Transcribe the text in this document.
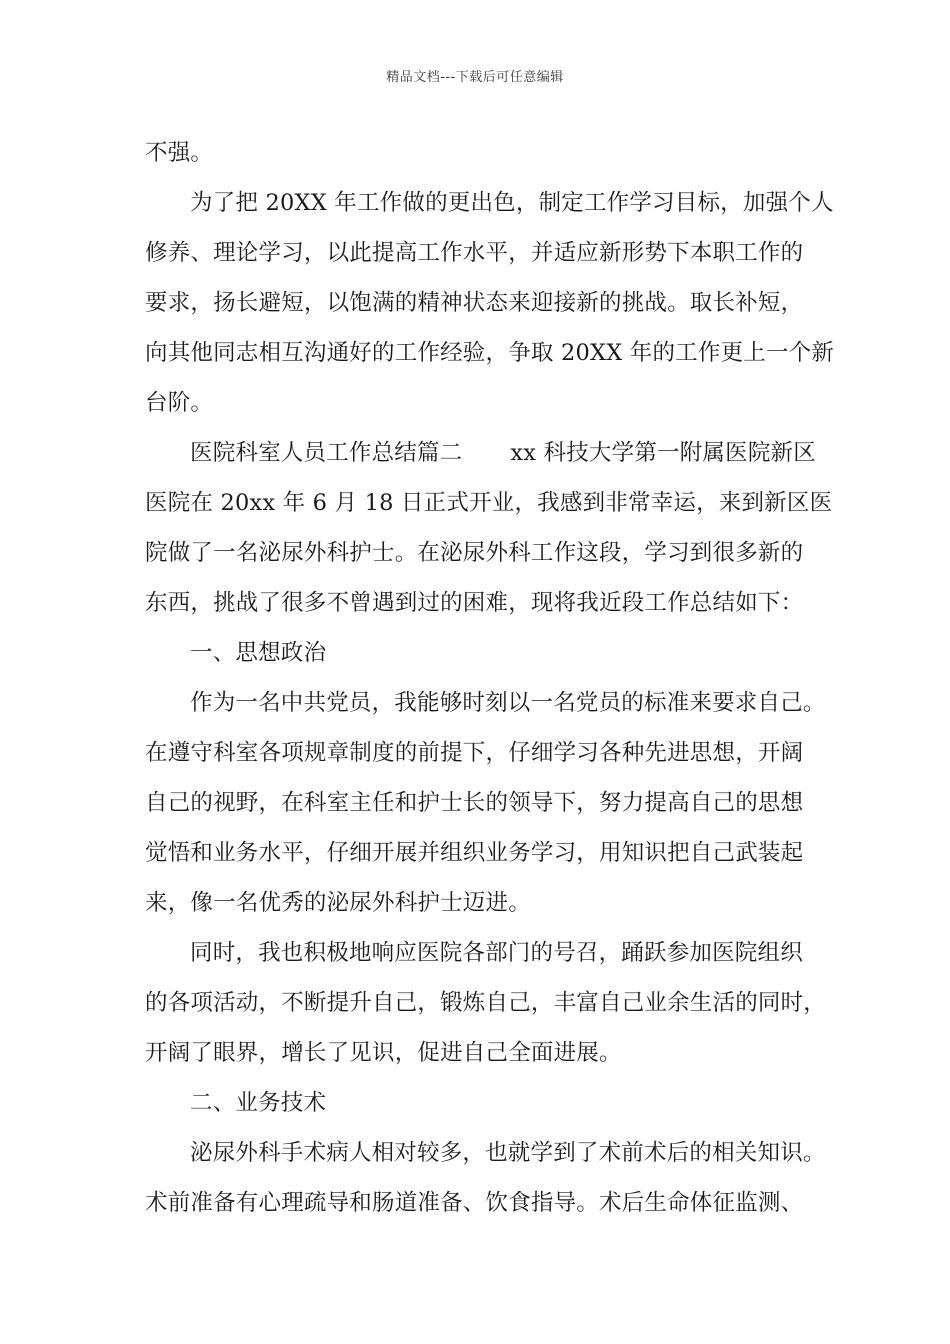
精品文档---下载后可任意编辑
不强。
为了把 20XX 年工作做的更出色，制定工作学习目标，加强个人
修养、理论学习，以此提高工作水平，并适应新形势下本职工作的
要求，扬长避短，以饱满的精神状态来迎接新的挑战。取长补短，
向其他同志相互沟通好的工作经验，争取 20XX 年的工作更上一个新
台阶。
医院科室人员工作总结篇二 xx 科技大学第一附属医院新区
医院在 20xx 年 6 月 18 日正式开业，我感到非常幸运，来到新区医
院做了一名泌尿外科护士。在泌尿外科工作这段，学习到很多新的
东西，挑战了很多不曾遇到过的困难，现将我近段工作总结如下：
一、思想政治
作为一名中共党员，我能够时刻以一名党员的标准来要求自己。
在遵守科室各项规章制度的前提下，仔细学习各种先进思想，开阔
自己的视野，在科室主任和护士长的领导下，努力提高自己的思想
觉悟和业务水平，仔细开展并组织业务学习，用知识把自己武装起
来，像一名优秀的泌尿外科护士迈进。
同时，我也积极地响应医院各部门的号召，踊跃参加医院组织
的各项活动，不断提升自己，锻炼自己，丰富自己业余生活的同时，
开阔了眼界，增长了见识，促进自己全面进展。
二、业务技术
泌尿外科手术病人相对较多，也就学到了术前术后的相关知识。
术前准备有心理疏导和肠道准备、饮食指导。术后生命体征监测、
